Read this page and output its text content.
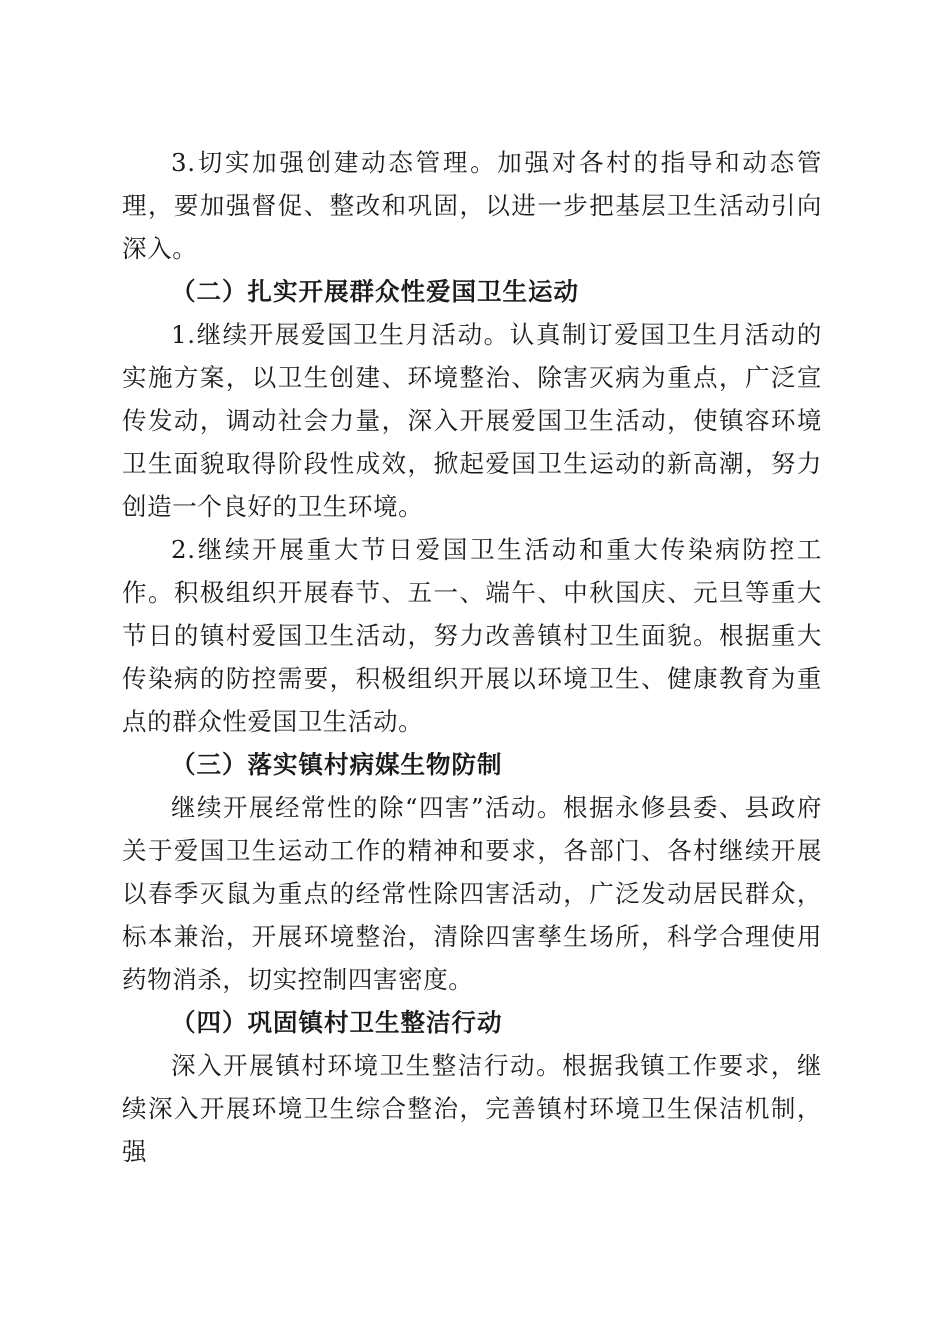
3.切实加强创建动态管理。加强对各村的指导和动态管理，要加强督促、整改和巩固，以进一步把基层卫生活动引向深入。

（二）扎实开展群众性爱国卫生运动

1.继续开展爱国卫生月活动。认真制订爱国卫生月活动的实施方案，以卫生创建、环境整治、除害灭病为重点，广泛宣传发动，调动社会力量，深入开展爱国卫生活动，使镇容环境卫生面貌取得阶段性成效，掀起爱国卫生运动的新高潮，努力创造一个良好的卫生环境。

2.继续开展重大节日爱国卫生活动和重大传染病防控工作。积极组织开展春节、五一、端午、中秋国庆、元旦等重大节日的镇村爱国卫生活动，努力改善镇村卫生面貌。根据重大传染病的防控需要，积极组织开展以环境卫生、健康教育为重点的群众性爱国卫生活动。

（三）落实镇村病媒生物防制

继续开展经常性的除“四害”活动。根据永修县委、县政府关于爱国卫生运动工作的精神和要求，各部门、各村继续开展以春季灭鼠为重点的经常性除四害活动，广泛发动居民群众，标本兼治，开展环境整治，清除四害孳生场所，科学合理使用药物消杀，切实控制四害密度。

（四）巩固镇村卫生整洁行动

深入开展镇村环境卫生整洁行动。根据我镇工作要求，继续深入开展环境卫生综合整治，完善镇村环境卫生保洁机制，强
